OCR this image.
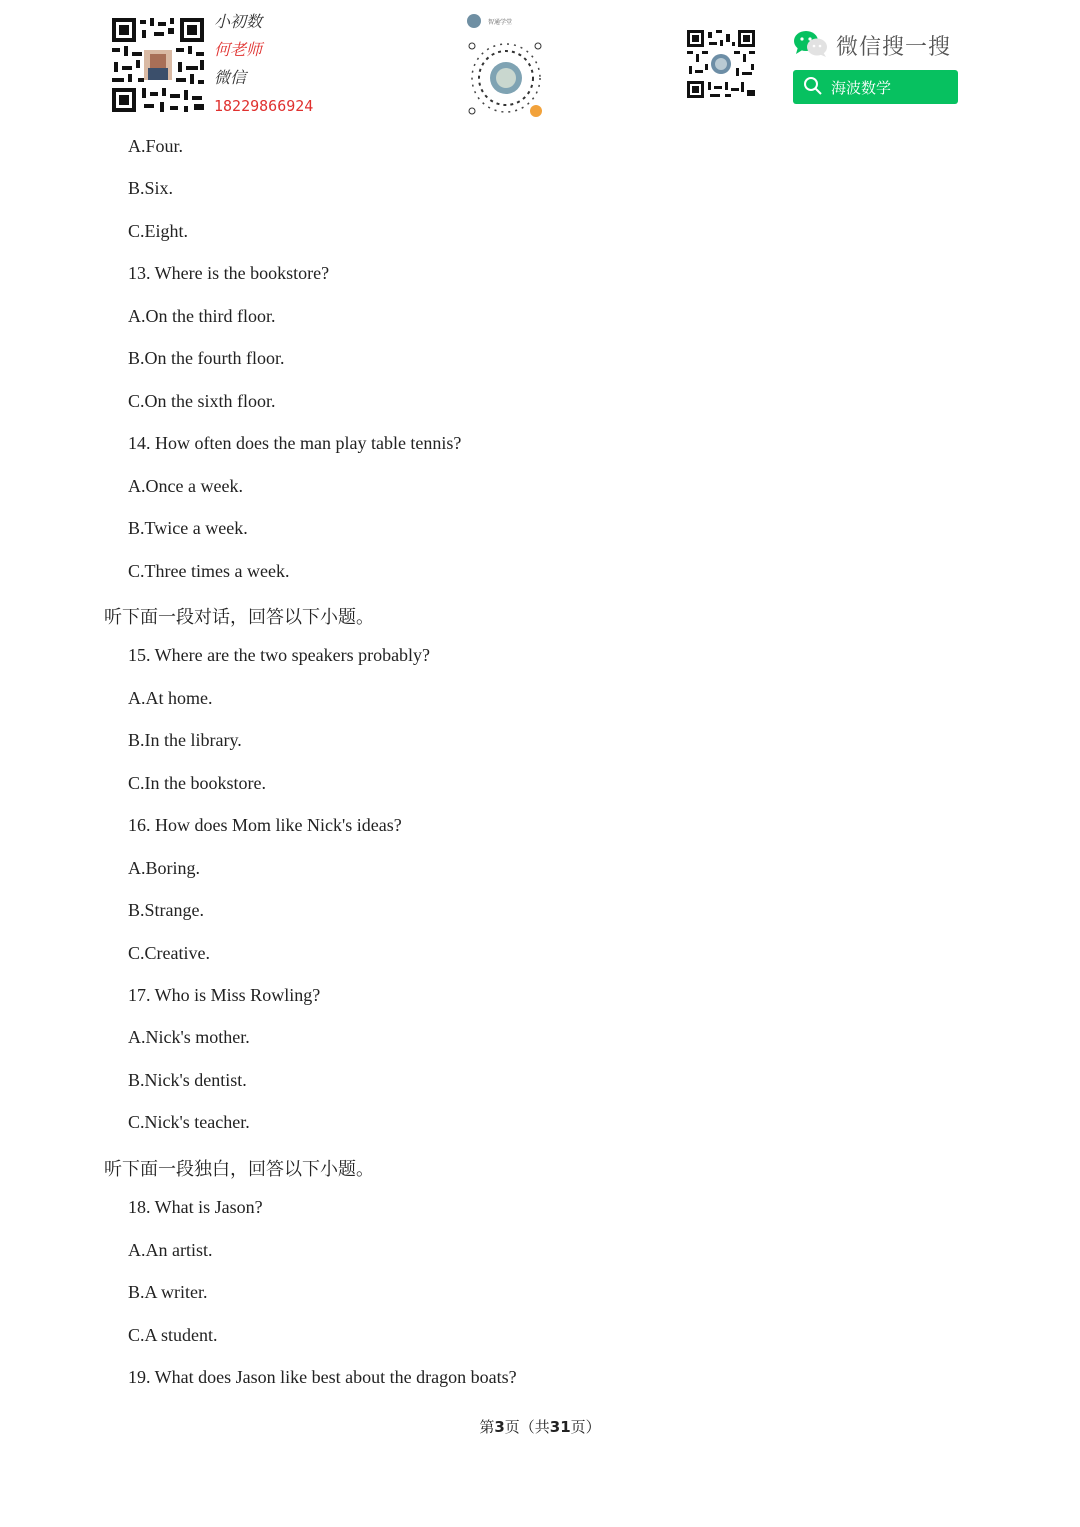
小初数
何老师
微信
18229866924
智通学堂
微信搜一搜
海波数学
A.Four.
B.Six.
C.Eight.
13. Where is the bookstore?
A.On the third floor.
B.On the fourth floor.
C.On the sixth floor.
14. How often does the man play table tennis?
A.Once a week.
B.Twice a week.
C.Three times a week.
听下面一段对话，回答以下小题。
15. Where are the two speakers probably?
A.At home.
B.In the library.
C.In the bookstore.
16. How does Mom like Nick's ideas?
A.Boring.
B.Strange.
C.Creative.
17. Who is Miss Rowling?
A.Nick's mother.
B.Nick's dentist.
C.Nick's teacher.
听下面一段独白，回答以下小题。
18. What is Jason?
A.An artist.
B.A writer.
C.A student.
19. What does Jason like best about the dragon boats?
第3页（共31页）
